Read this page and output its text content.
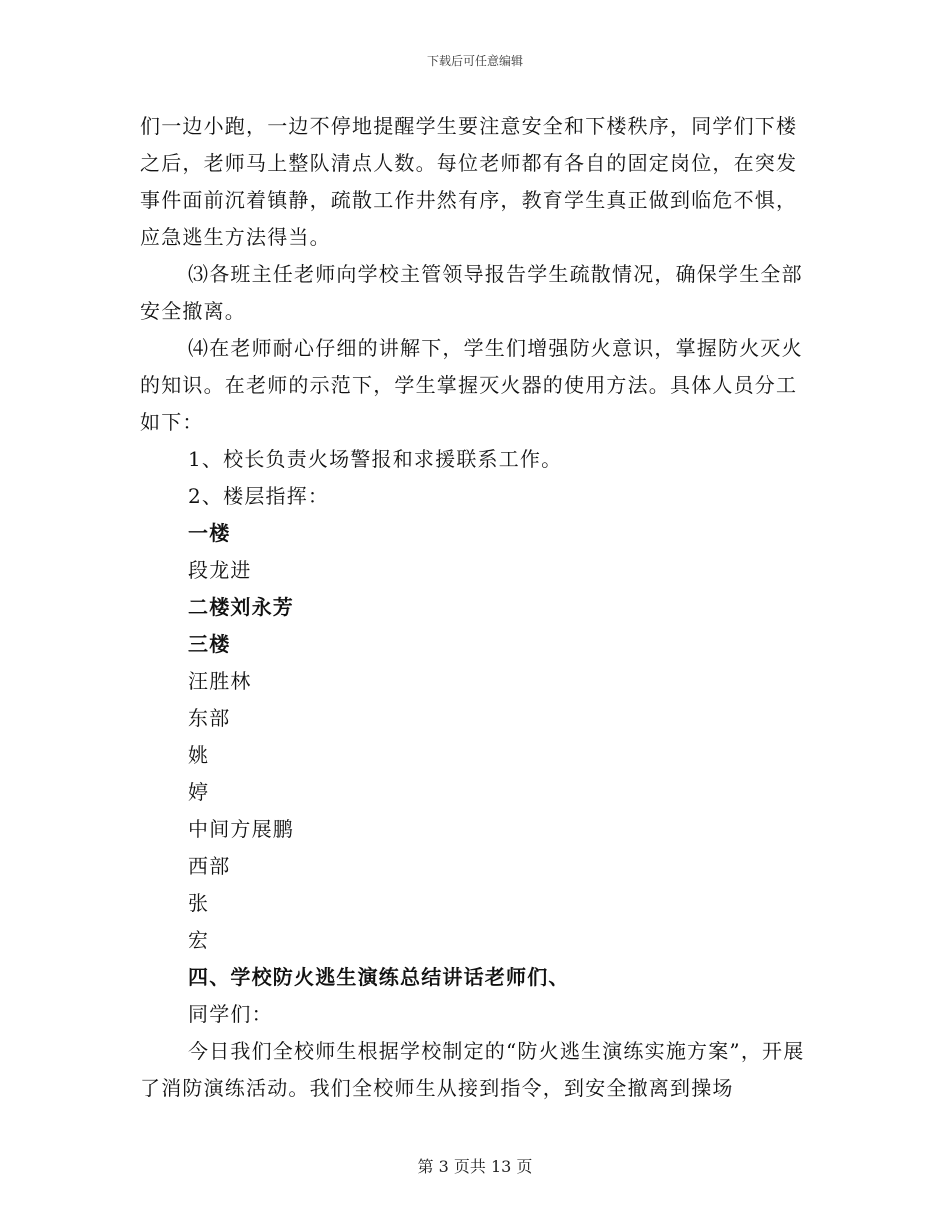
下载后可任意编辑

们一边小跑，一边不停地提醒学生要注意安全和下楼秩序，同学们下楼之后，老师马上整队清点人数。每位老师都有各自的固定岗位，在突发事件面前沉着镇静，疏散工作井然有序，教育学生真正做到临危不惧，应急逃生方法得当。

⑶各班主任老师向学校主管领导报告学生疏散情况，确保学生全部安全撤离。

⑷在老师耐心仔细的讲解下，学生们增强防火意识，掌握防火灭火的知识。在老师的示范下，学生掌握灭火器的使用方法。具体人员分工如下：

1、校长负责火场警报和求援联系工作。

2、楼层指挥：

一楼

段龙进

二楼刘永芳

三楼

汪胜林

东部

姚

婷

中间方展鹏

西部

张

宏

四、学校防火逃生演练总结讲话老师们、

同学们：

今日我们全校师生根据学校制定的“防火逃生演练实施方案”，开展了消防演练活动。我们全校师生从接到指令，到安全撤离到操场

第 3 页共 13 页
